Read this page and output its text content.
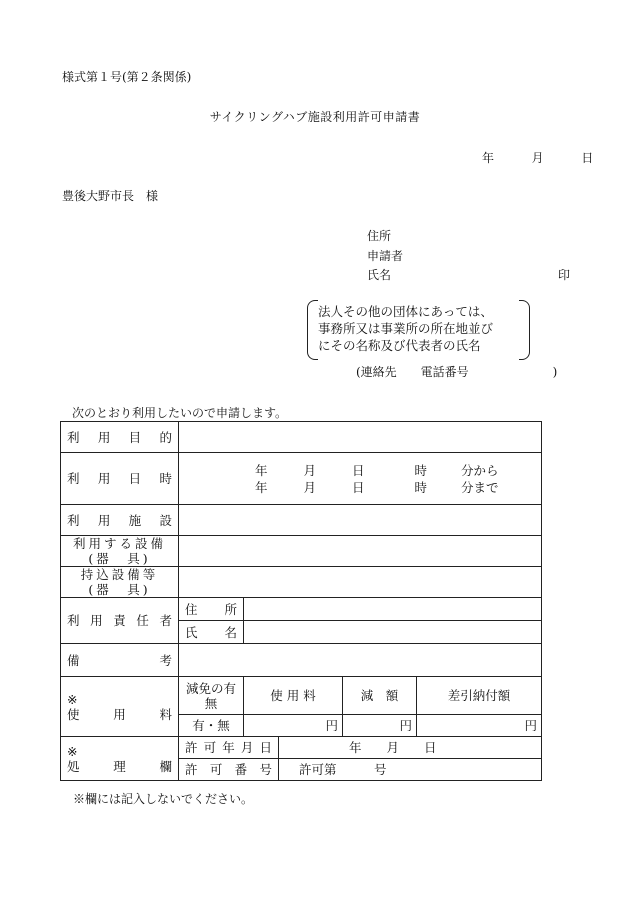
様式第１号(第２条関係)
サイクリングハブ施設利用許可申請書
年	月	日
豊後大野市長　様
住所
申請者
氏名	印
法人その他の団体にあっては、
事務所又は事業所の所在地並び
にその名称及び代表者の氏名
(連絡先　　電話番号　　　　　　　)
次のとおり利用したいので申請します。
利用目的					
利用日時	年 月 日 時 分から
年 月 日 時 分まで				

利用施設					

利用する設備
(器　具)					

持込設備等
(器　具)					

利用責任者	住　所				
	氏　名				
備考					

※
使用料	減免の有無	使 用 料		減　額	差引納付額
	有・無	円		円	円

※
処理欄	許可年月日		年　　月　　日		
	許可番号		許可第　　　号		
※欄には記入しないでください。
